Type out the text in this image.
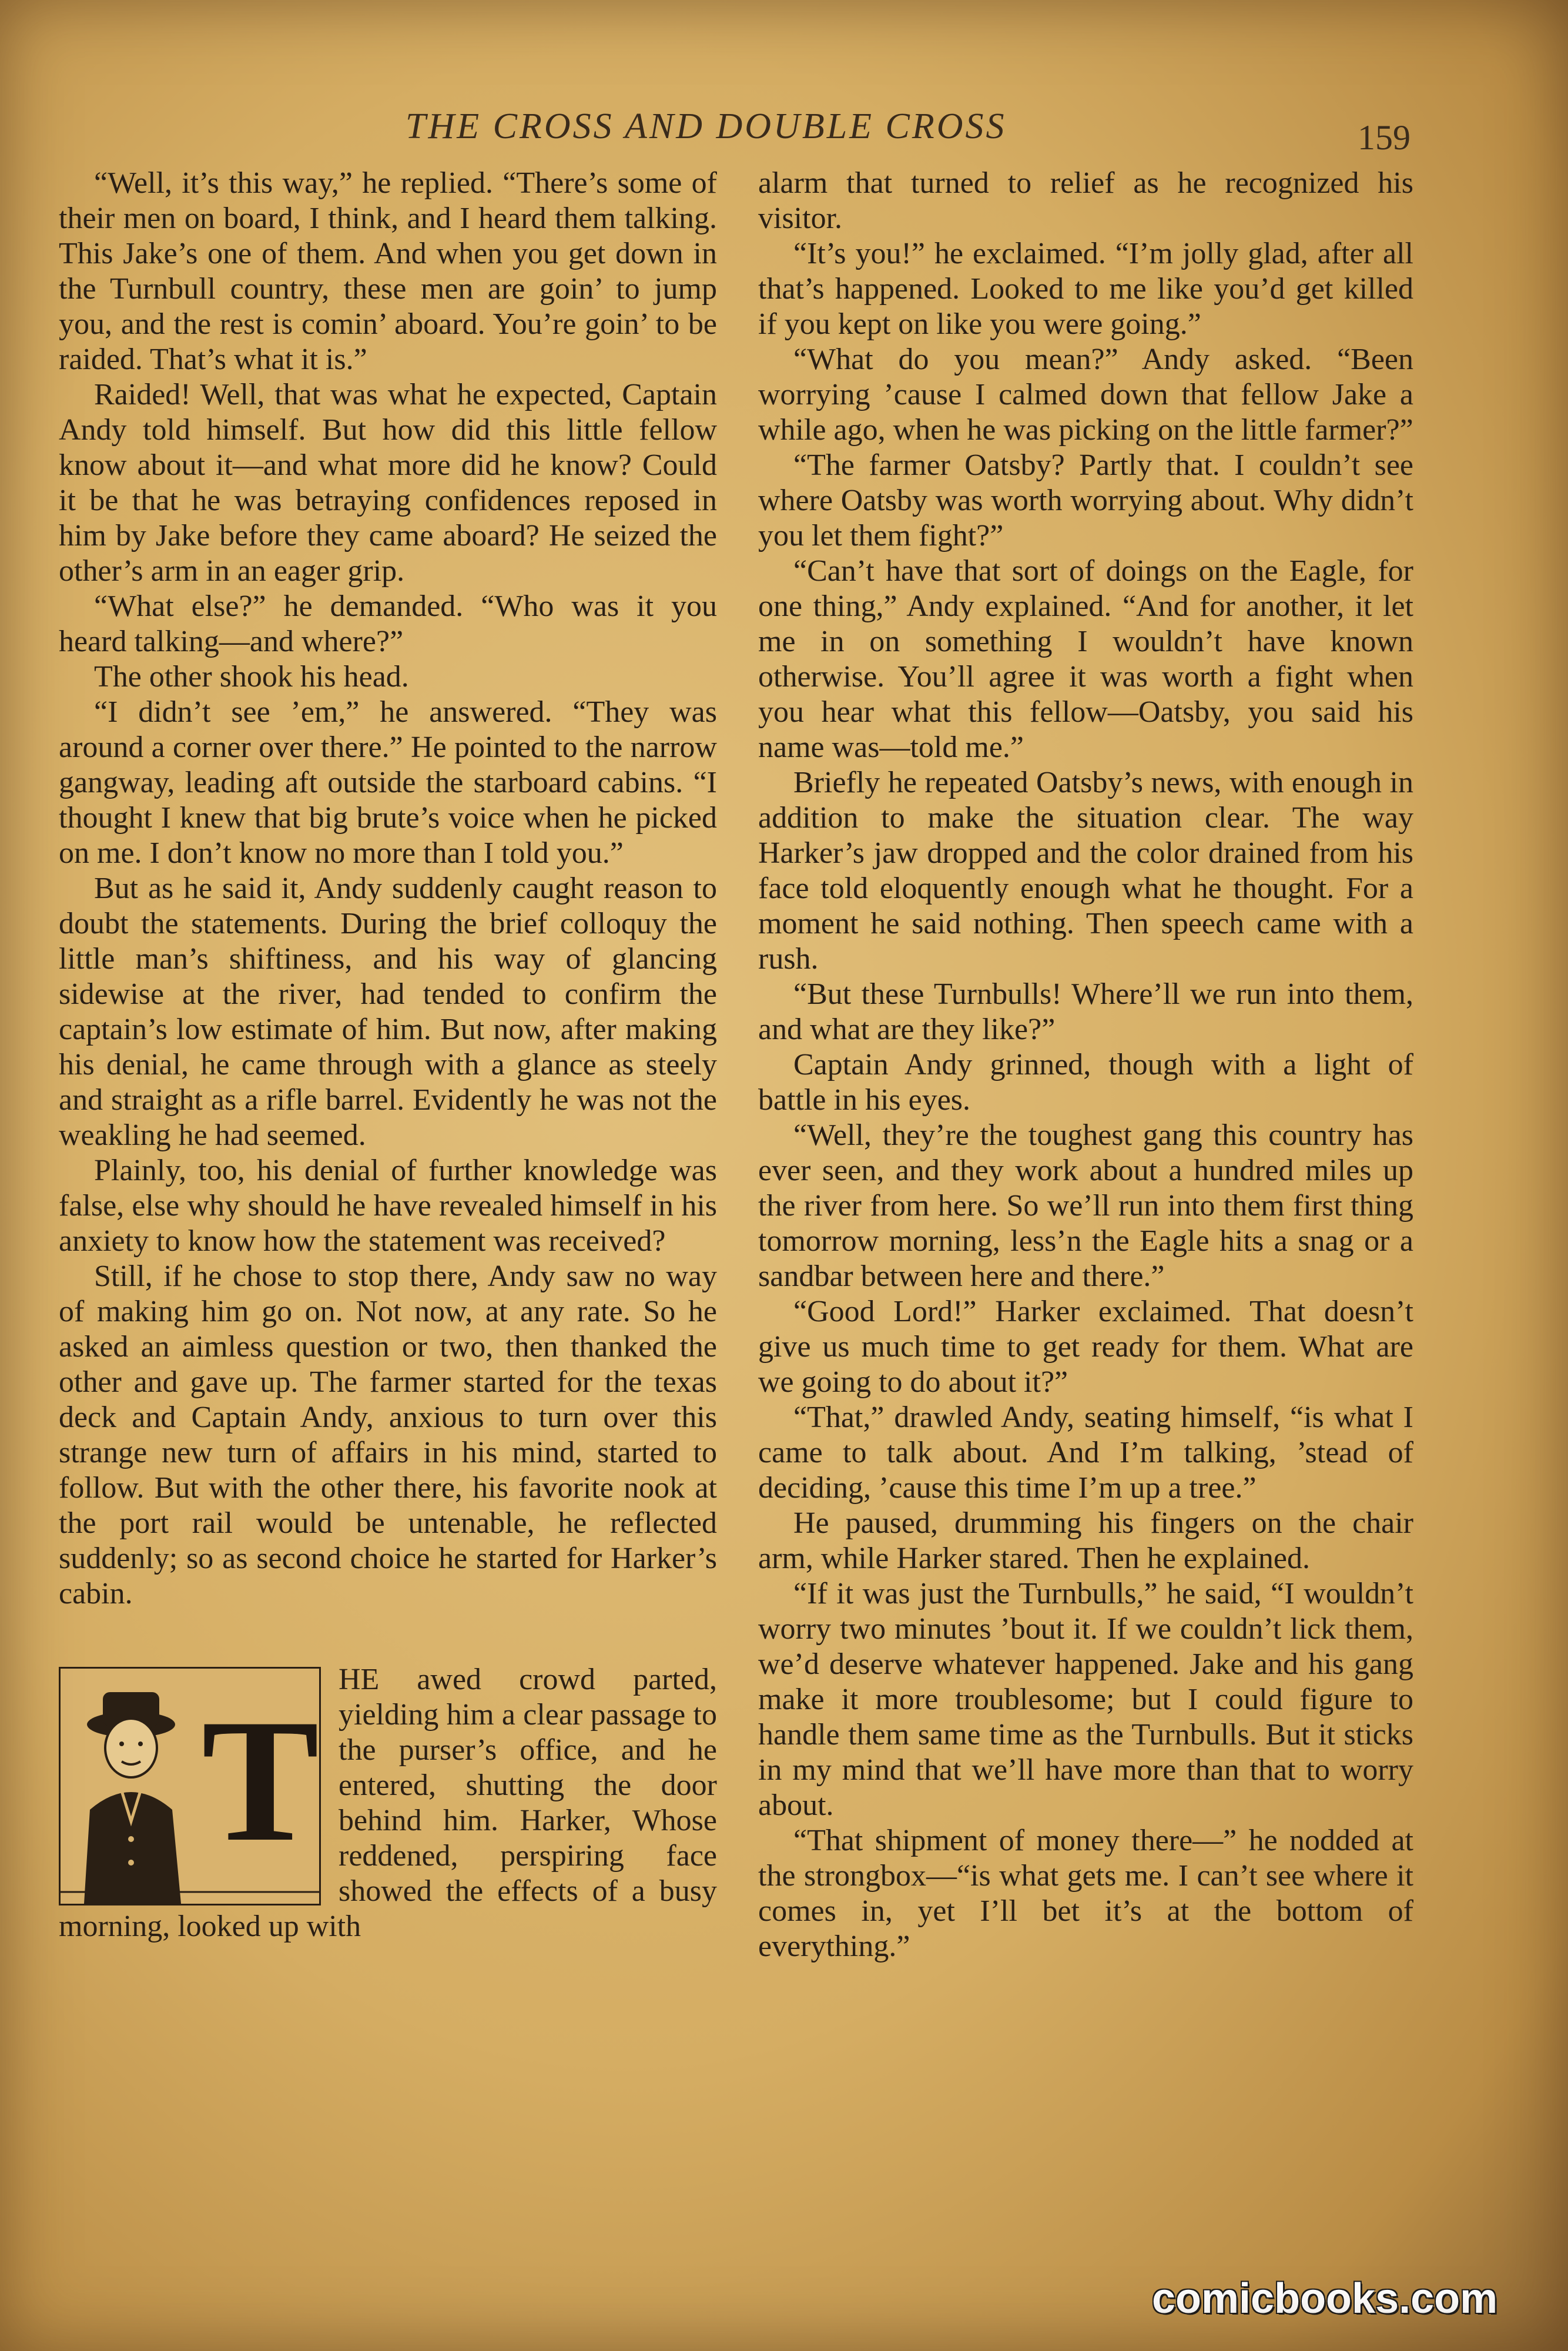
THE CROSS AND DOUBLE CROSS	159

“Well, it’s this way,” he replied. “There’s some of their men on board, I think, and I heard them talking. This Jake’s one of them. And when you get down in the Turnbull country, these men are goin’ to jump you, and the rest is comin’ aboard. You’re goin’ to be raided. That’s what it is.”

Raided! Well, that was what he expected, Captain Andy told himself. But how did this little fellow know about it—and what more did he know? Could it be that he was betraying confidences reposed in him by Jake before they came aboard? He seized the other’s arm in an eager grip.

“What else?” he demanded. “Who was it you heard talking—and where?”

The other shook his head.

“I didn’t see ’em,” he answered. “They was around a corner over there.” He pointed to the narrow gangway, leading aft outside the starboard cabins. “I thought I knew that big brute’s voice when he picked on me. I don’t know no more than I told you.”

But as he said it, Andy suddenly caught reason to doubt the statements. During the brief colloquy the little man’s shiftiness, and his way of glancing sidewise at the river, had tended to confirm the captain’s low estimate of him. But now, after making his denial, he came through with a glance as steely and straight as a rifle barrel. Evidently he was not the weakling he had seemed.

Plainly, too, his denial of further knowledge was false, else why should he have revealed himself in his anxiety to know how the statement was received?

Still, if he chose to stop there, Andy saw no way of making him go on. Not now, at any rate. So he asked an aimless question or two, then thanked the other and gave up. The farmer started for the texas deck and Captain Andy, anxious to turn over this strange new turn of affairs in his mind, started to follow. But with the other there, his favorite nook at the port rail would be untenable, he reflected suddenly; so as second choice he started for Harker’s cabin.

T

HE awed crowd parted, yielding him a clear passage to the purser’s office, and he entered, shutting the door behind him. Harker, Whose reddened, perspiring face showed the effects of a busy morning, looked up with

alarm that turned to relief as he recognized his visitor.

“It’s you!” he exclaimed. “I’m jolly glad, after all that’s happened. Looked to me like you’d get killed if you kept on like you were going.”

“What do you mean?” Andy asked. “Been worrying ’cause I calmed down that fellow Jake a while ago, when he was picking on the little farmer?”

“The farmer Oatsby? Partly that. I couldn’t see where Oatsby was worth worrying about. Why didn’t you let them fight?”

“Can’t have that sort of doings on the Eagle, for one thing,” Andy explained. “And for another, it let me in on something I wouldn’t have known otherwise. You’ll agree it was worth a fight when you hear what this fellow—Oatsby, you said his name was—told me.”

Briefly he repeated Oatsby’s news, with enough in addition to make the situation clear. The way Harker’s jaw dropped and the color drained from his face told eloquently enough what he thought. For a moment he said nothing. Then speech came with a rush.

“But these Turnbulls! Where’ll we run into them, and what are they like?”

Captain Andy grinned, though with a light of battle in his eyes.

“Well, they’re the toughest gang this country has ever seen, and they work about a hundred miles up the river from here. So we’ll run into them first thing tomorrow morning, less’n the Eagle hits a snag or a sandbar between here and there.”

“Good Lord!” Harker exclaimed. That doesn’t give us much time to get ready for them. What are we going to do about it?”

“That,” drawled Andy, seating himself, “is what I came to talk about. And I’m talking, ’stead of deciding, ’cause this time I’m up a tree.”

He paused, drumming his fingers on the chair arm, while Harker stared. Then he explained.

“If it was just the Turnbulls,” he said, “I wouldn’t worry two minutes ’bout it. If we couldn’t lick them, we’d deserve whatever happened. Jake and his gang make it more troublesome; but I could figure to handle them same time as the Turnbulls. But it sticks in my mind that we’ll have more than that to worry about.

“That shipment of money there—” he nodded at the strongbox—“is what gets me. I can’t see where it comes in, yet I’ll bet it’s at the bottom of everything.”

comicbooks.com
